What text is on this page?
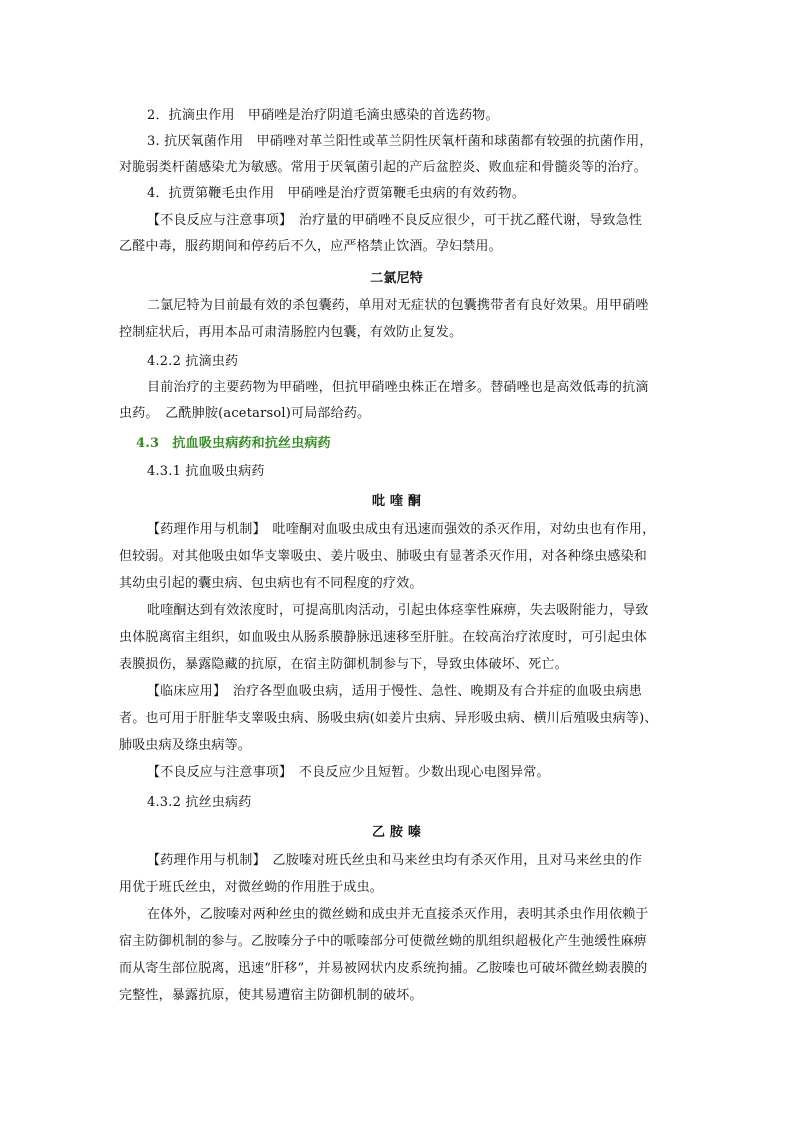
2．抗滴虫作用　甲硝唑是治疗阴道毛滴虫感染的首选药物。
3. 抗厌氧菌作用　甲硝唑对革兰阳性或革兰阴性厌氧杆菌和球菌都有较强的抗菌作用，
对脆弱类杆菌感染尤为敏感。常用于厌氧菌引起的产后盆腔炎、败血症和骨髓炎等的治疗。
4．抗贾第鞭毛虫作用　甲硝唑是治疗贾第鞭毛虫病的有效药物。
【不良反应与注意事项】　治疗量的甲硝唑不良反应很少，可干扰乙醛代谢，导致急性
乙醛中毒，服药期间和停药后不久，应严格禁止饮酒。孕妇禁用。
二氯尼特
二氯尼特为目前最有效的杀包囊药，单用对无症状的包囊携带者有良好效果。用甲硝唑
控制症状后，再用本品可肃清肠腔内包囊，有效防止复发。
4.2.2 抗滴虫药
目前治疗的主要药物为甲硝唑，但抗甲硝唑虫株正在增多。替硝唑也是高效低毒的抗滴
虫药。　乙酰胂胺(acetarsol)可局部给药。
4.3　抗血吸虫病药和抗丝虫病药
4.3.1 抗血吸虫病药
吡 喹 酮
【药理作用与机制】　吡喹酮对血吸虫成虫有迅速而强效的杀灭作用，对幼虫也有作用，
但较弱。对其他吸虫如华支睾吸虫、姜片吸虫、肺吸虫有显著杀灭作用，对各种绦虫感染和
其幼虫引起的囊虫病、包虫病也有不同程度的疗效。
吡喹酮达到有效浓度时，可提高肌肉活动，引起虫体痉挛性麻痹，失去吸附能力，导致
虫体脱离宿主组织，如血吸虫从肠系膜静脉迅速移至肝脏。在较高治疗浓度时，可引起虫体
表膜损伤，暴露隐藏的抗原，在宿主防御机制参与下，导致虫体破坏、死亡。
【临床应用】　治疗各型血吸虫病，适用于慢性、急性、晚期及有合并症的血吸虫病患
者。也可用于肝脏华支睾吸虫病、肠吸虫病(如姜片虫病、异形吸虫病、横川后殖吸虫病等)、
肺吸虫病及绦虫病等。
【不良反应与注意事项】　不良反应少且短暂。少数出现心电图异常。
4.3.2 抗丝虫病药
乙 胺 嗪
【药理作用与机制】　乙胺嗪对班氏丝虫和马来丝虫均有杀灭作用，且对马来丝虫的作
用优于班氏丝虫，对微丝蚴的作用胜于成虫。
在体外，乙胺嗪对两种丝虫的微丝蚴和成虫并无直接杀灭作用，表明其杀虫作用依赖于
宿主防御机制的参与。乙胺嗪分子中的哌嗪部分可使微丝蚴的肌组织超极化产生弛缓性麻痹
而从寄生部位脱离，迅速“肝移”，并易被网状内皮系统拘捕。乙胺嗪也可破坏微丝蚴表膜的
完整性，暴露抗原，使其易遭宿主防御机制的破坏。
